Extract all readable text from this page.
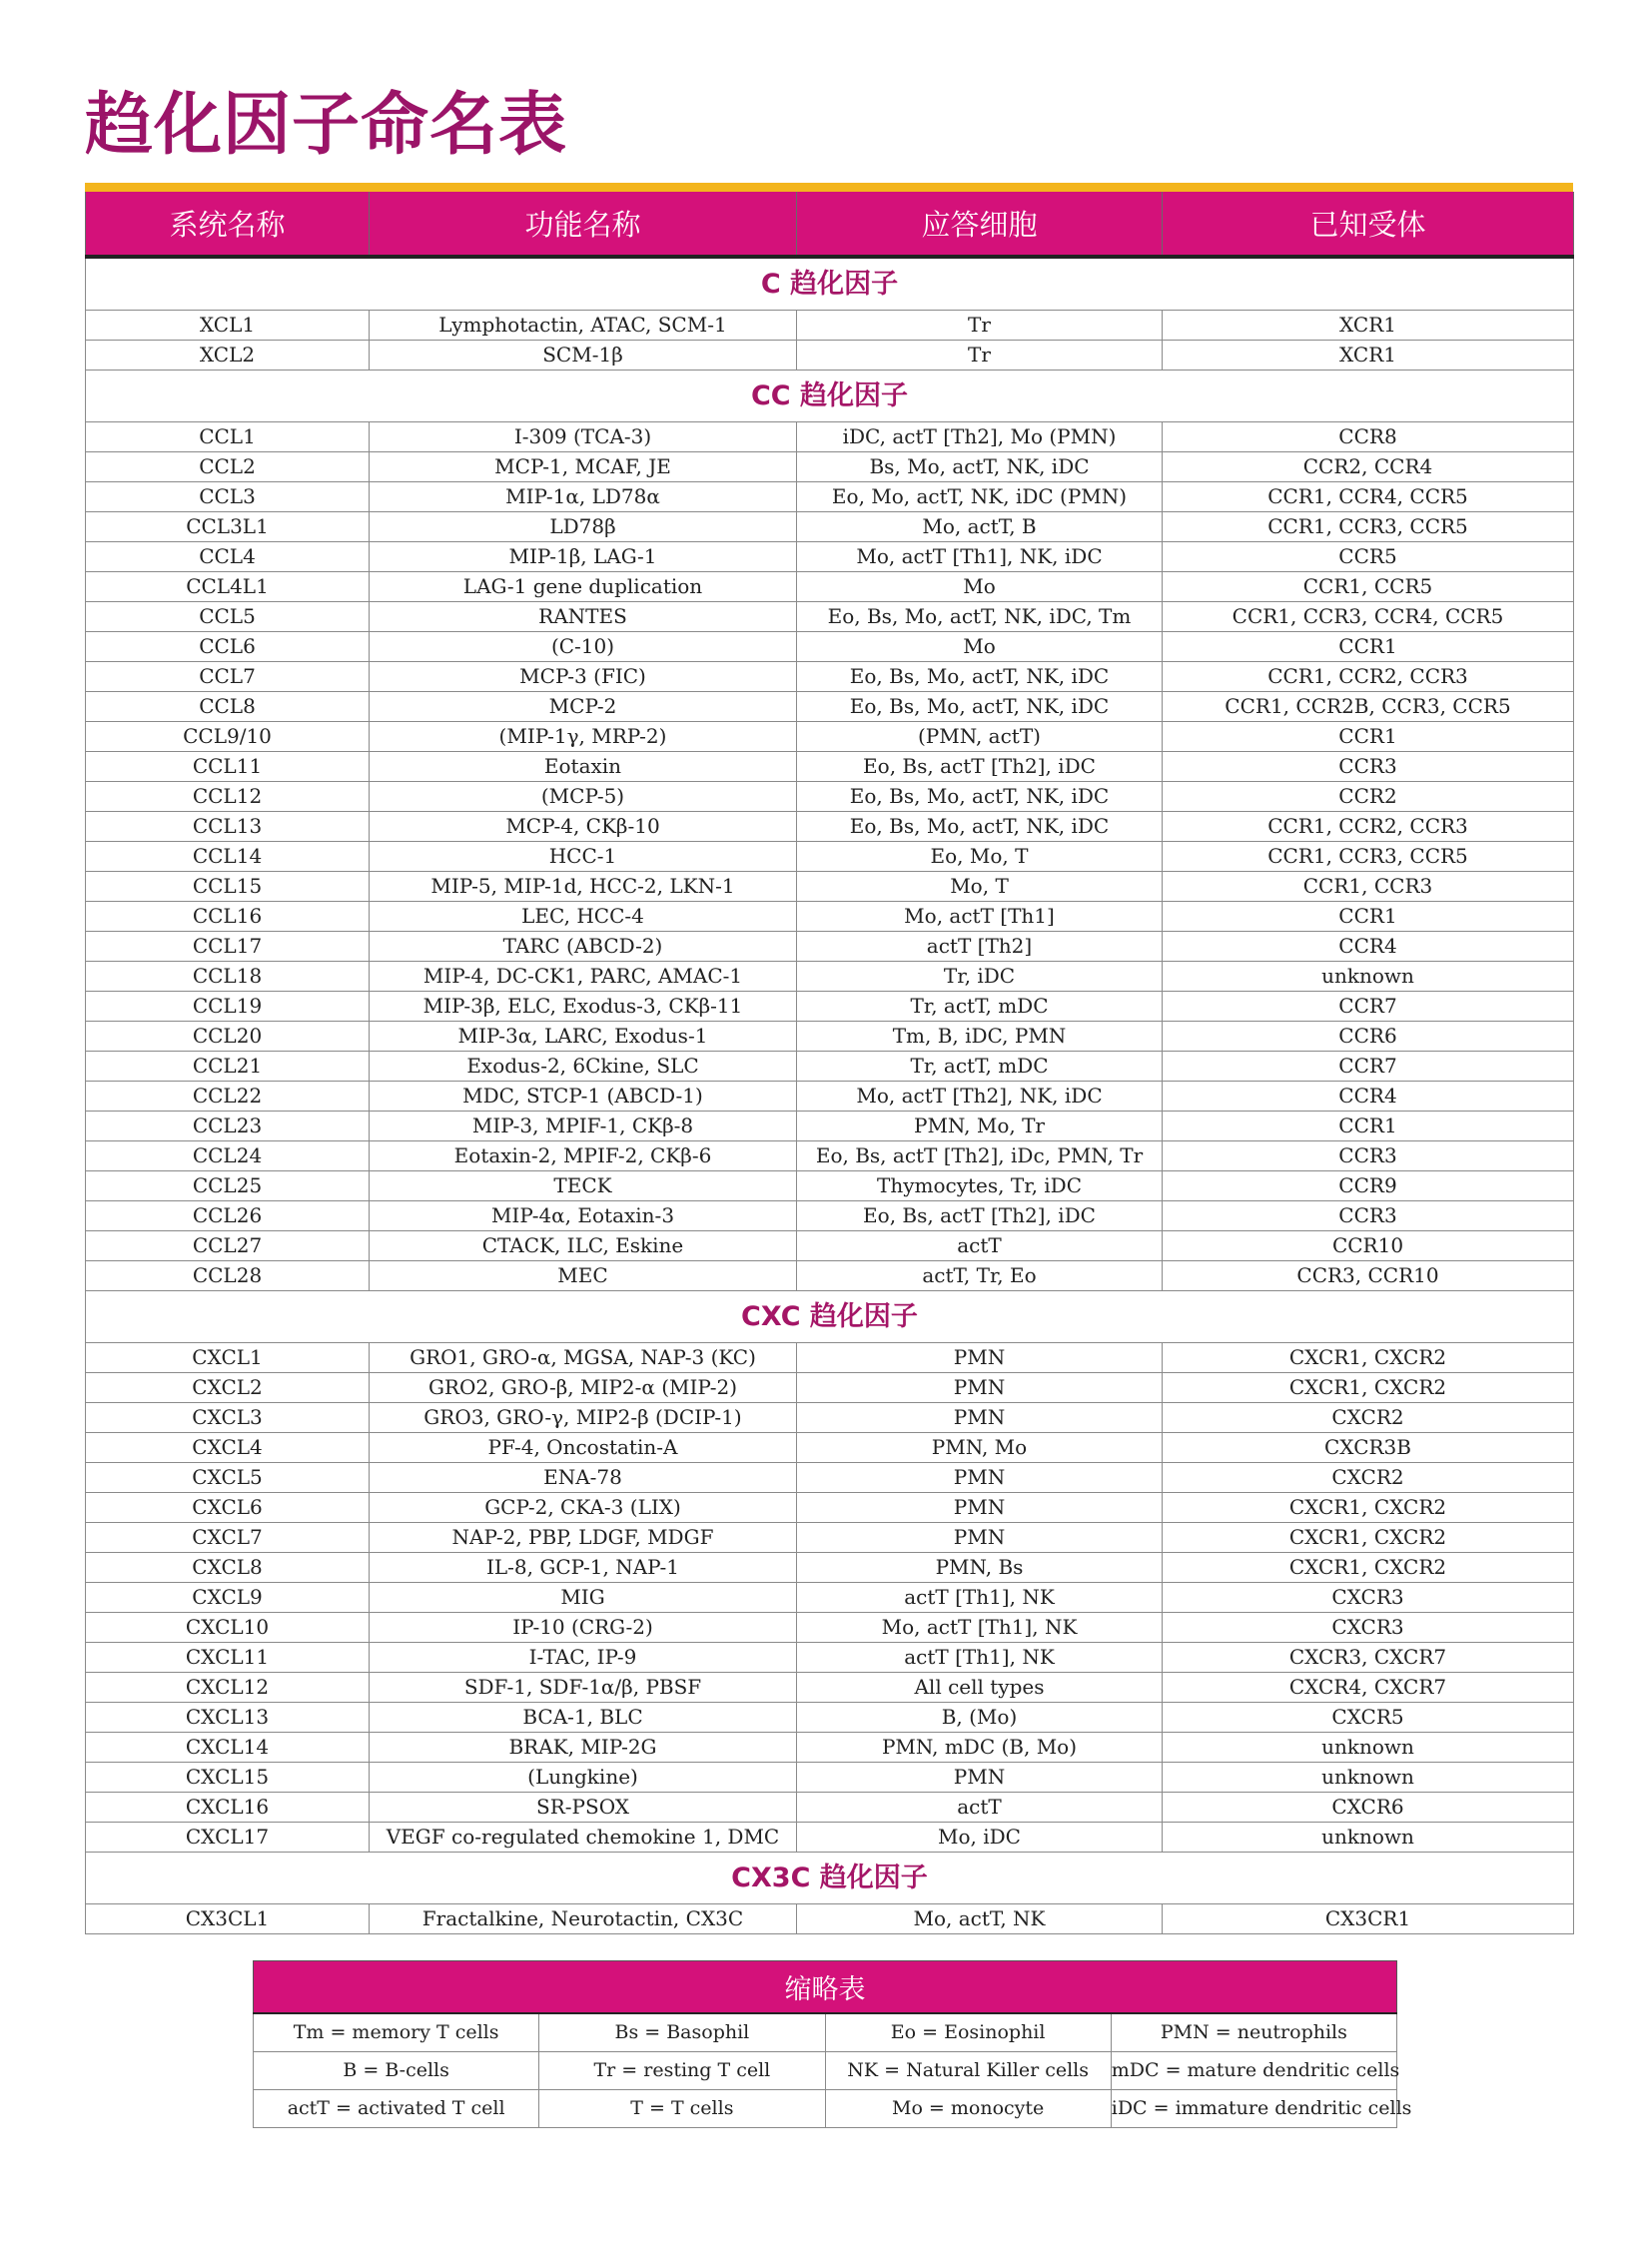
趋化因子命名表
系统名称	功能名称	应答细胞	已知受体
C 趋化因子			
XCL1	Lymphotactin, ATAC, SCM-1	Tr	XCR1
XCL2	SCM-1β	Tr	XCR1
CC 趋化因子			
CCL1	I-309 (TCA-3)	iDC, actT [Th2], Mo (PMN)	CCR8
CCL2	MCP-1, MCAF, JE	Bs, Mo, actT, NK, iDC	CCR2, CCR4
CCL3	MIP-1α, LD78α	Eo, Mo, actT, NK, iDC (PMN)	CCR1, CCR4, CCR5
CCL3L1	LD78β	Mo, actT, B	CCR1, CCR3, CCR5
CCL4	MIP-1β, LAG-1	Mo, actT [Th1], NK, iDC	CCR5
CCL4L1	LAG-1 gene duplication	Mo	CCR1, CCR5
CCL5	RANTES	Eo, Bs, Mo, actT, NK, iDC, Tm	CCR1, CCR3, CCR4, CCR5
CCL6	(C-10)	Mo	CCR1
CCL7	MCP-3 (FIC)	Eo, Bs, Mo, actT, NK, iDC	CCR1, CCR2, CCR3
CCL8	MCP-2	Eo, Bs, Mo, actT, NK, iDC	CCR1, CCR2B, CCR3, CCR5
CCL9/10	(MIP-1γ, MRP-2)	(PMN, actT)	CCR1
CCL11	Eotaxin	Eo, Bs, actT [Th2], iDC	CCR3
CCL12	(MCP-5)	Eo, Bs, Mo, actT, NK, iDC	CCR2
CCL13	MCP-4, CKβ-10	Eo, Bs, Mo, actT, NK, iDC	CCR1, CCR2, CCR3
CCL14	HCC-1	Eo, Mo, T	CCR1, CCR3, CCR5
CCL15	MIP-5, MIP-1d, HCC-2, LKN-1	Mo, T	CCR1, CCR3
CCL16	LEC, HCC-4	Mo, actT [Th1]	CCR1
CCL17	TARC (ABCD-2)	actT [Th2]	CCR4
CCL18	MIP-4, DC-CK1, PARC, AMAC-1	Tr, iDC	unknown
CCL19	MIP-3β, ELC, Exodus-3, CKβ-11	Tr, actT, mDC	CCR7
CCL20	MIP-3α, LARC, Exodus-1	Tm, B, iDC, PMN	CCR6
CCL21	Exodus-2, 6Ckine, SLC	Tr, actT, mDC	CCR7
CCL22	MDC, STCP-1 (ABCD-1)	Mo, actT [Th2], NK, iDC	CCR4
CCL23	MIP-3, MPIF-1, CKβ-8	PMN, Mo, Tr	CCR1
CCL24	Eotaxin-2, MPIF-2, CKβ-6	Eo, Bs, actT [Th2], iDc, PMN, Tr	CCR3
CCL25	TECK	Thymocytes, Tr, iDC	CCR9
CCL26	MIP-4α, Eotaxin-3	Eo, Bs, actT [Th2], iDC	CCR3
CCL27	CTACK, ILC, Eskine	actT	CCR10
CCL28	MEC	actT, Tr, Eo	CCR3, CCR10
CXC 趋化因子			
CXCL1	GRO1, GRO-α, MGSA, NAP-3 (KC)	PMN	CXCR1, CXCR2
CXCL2	GRO2, GRO-β, MIP2-α (MIP-2)	PMN	CXCR1, CXCR2
CXCL3	GRO3, GRO-γ, MIP2-β (DCIP-1)	PMN	CXCR2
CXCL4	PF-4, Oncostatin-A	PMN, Mo	CXCR3B
CXCL5	ENA-78	PMN	CXCR2
CXCL6	GCP-2, CKA-3 (LIX)	PMN	CXCR1, CXCR2
CXCL7	NAP-2, PBP, LDGF, MDGF	PMN	CXCR1, CXCR2
CXCL8	IL-8, GCP-1, NAP-1	PMN, Bs	CXCR1, CXCR2
CXCL9	MIG	actT [Th1], NK	CXCR3
CXCL10	IP-10 (CRG-2)	Mo, actT [Th1], NK	CXCR3
CXCL11	I-TAC, IP-9	actT [Th1], NK	CXCR3, CXCR7
CXCL12	SDF-1, SDF-1α/β, PBSF	All cell types	CXCR4, CXCR7
CXCL13	BCA-1, BLC	B, (Mo)	CXCR5
CXCL14	BRAK, MIP-2G	PMN, mDC (B, Mo)	unknown
CXCL15	(Lungkine)	PMN	unknown
CXCL16	SR-PSOX	actT	CXCR6
CXCL17	VEGF co-regulated chemokine 1, DMC	Mo, iDC	unknown
CX3C 趋化因子			
CX3CL1	Fractalkine, Neurotactin, CX3C	Mo, actT, NK	CX3CR1
缩略表			
Tm = memory T cells	Bs = Basophil	Eo = Eosinophil	PMN = neutrophils
B = B-cells	Tr = resting T cell	NK = Natural Killer cells	mDC = mature dendritic cells
actT = activated T cell	T = T cells	Mo = monocyte	iDC = immature dendritic cells
